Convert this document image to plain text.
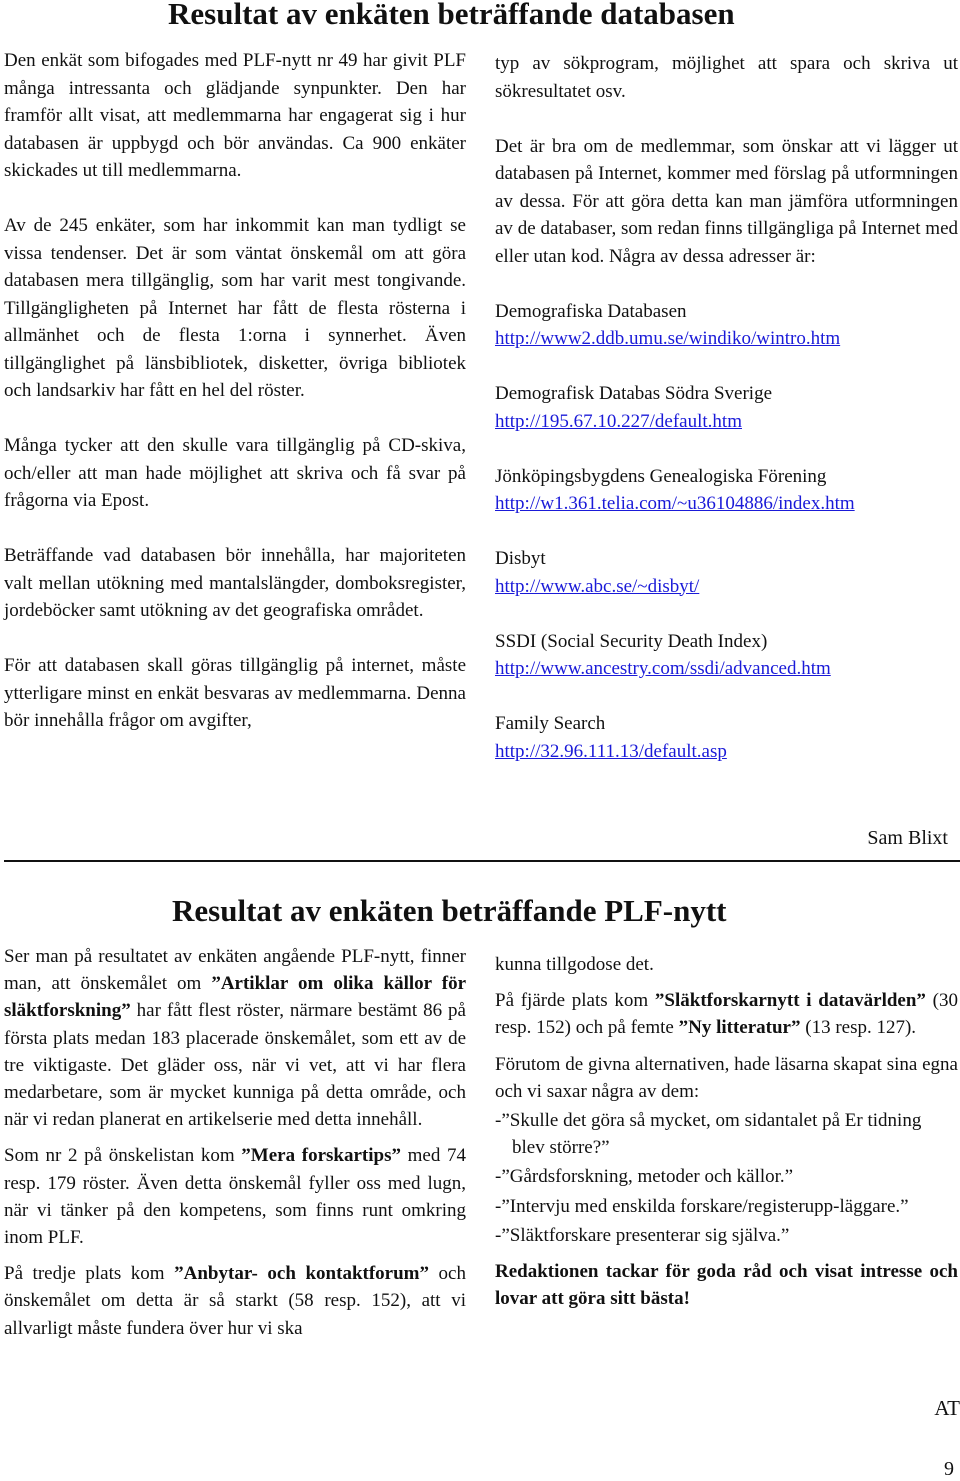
Resultat av enkäten beträffande databasen

Den enkät som bifogades med PLF-nytt nr 49 har givit PLF många intressanta och glädjande synpunkter. Den har framför allt visat, att medlemmarna har engagerat sig i hur databasen är uppbygd och bör användas. Ca 900 enkäter skickades ut till medlemmarna.

Av de 245 enkäter, som har inkommit kan man tydligt se vissa tendenser. Det är som väntat önskemål om att göra databasen mera tillgänglig, som har varit mest tongivande. Tillgängligheten på Internet har fått de flesta rösterna i allmänhet och de flesta 1:orna i synnerhet. Även tillgänglighet på länsbibliotek, disketter, övriga bibliotek och landsarkiv har fått en hel del röster.

Många tycker att den skulle vara tillgänglig på CD-skiva, och/eller att man hade möjlighet att skriva och få svar på frågorna via Epost.

Beträffande vad databasen bör innehålla, har majoriteten valt mellan utökning med mantalslängder, domboksregister, jordeböcker samt utökning av det geografiska området.

För att databasen skall göras tillgänglig på internet, måste ytterligare minst en enkät besvaras av medlemmarna. Denna bör innehålla frågor om avgifter,

typ av sökprogram, möjlighet att spara och skriva ut sökresultatet osv.

Det är bra om de medlemmar, som önskar att vi lägger ut databasen på Internet, kommer med förslag på utformningen av dessa. För att göra detta kan man jämföra utformningen av de databaser, som redan finns tillgängliga på Internet med eller utan kod. Några av dessa adresser är:

Demografiska Databasen
http://www2.ddb.umu.se/windiko/wintro.htm

Demografisk Databas Södra Sverige
http://195.67.10.227/default.htm

Jönköpingsbygdens Genealogiska Förening
http://w1.361.telia.com/~u36104886/index.htm

Disbyt
http://www.abc.se/~disbyt/

SSDI (Social Security Death Index)
http://www.ancestry.com/ssdi/advanced.htm

Family Search
http://32.96.111.13/default.asp

Sam Blixt
Resultat av enkäten beträffande PLF-nytt

Ser man på resultatet av enkäten angående PLF-nytt, finner man, att önskemålet om ”Artiklar om olika källor för släktforskning” har fått flest röster, närmare bestämt 86 på första plats medan 183 placerade önskemålet, som ett av de tre viktigaste. Det gläder oss, när vi vet, att vi har flera medarbetare, som är mycket kunniga på detta område, och när vi redan planerat en artikelserie med detta innehåll.

Som nr 2 på önskelistan kom ”Mera forskartips” med 74 resp. 179 röster. Även detta önskemål fyller oss med lugn, när vi tänker på den kompetens, som finns runt omkring inom PLF.

På tredje plats kom ”Anbytar- och kontaktforum” och önskemålet om detta är så starkt (58 resp. 152), att vi allvarligt måste fundera över hur vi ska

kunna tillgodose det.

På fjärde plats kom ”Släktforskarnytt i datavärlden” (30 resp. 152) och på femte ”Ny litteratur” (13 resp. 127).

Förutom de givna alternativen, hade läsarna skapat sina egna och vi saxar några av dem:

-”Skulle det göra så mycket, om sidantalet på Er tidning blev större?”

-”Gårdsforskning, metoder och källor.”

-”Intervju med enskilda forskare/registerupp-läggare.”

-”Släktforskare presenterar sig själva.”

Redaktionen tackar för goda råd och visat intresse och lovar att göra sitt bästa!

AT
9
